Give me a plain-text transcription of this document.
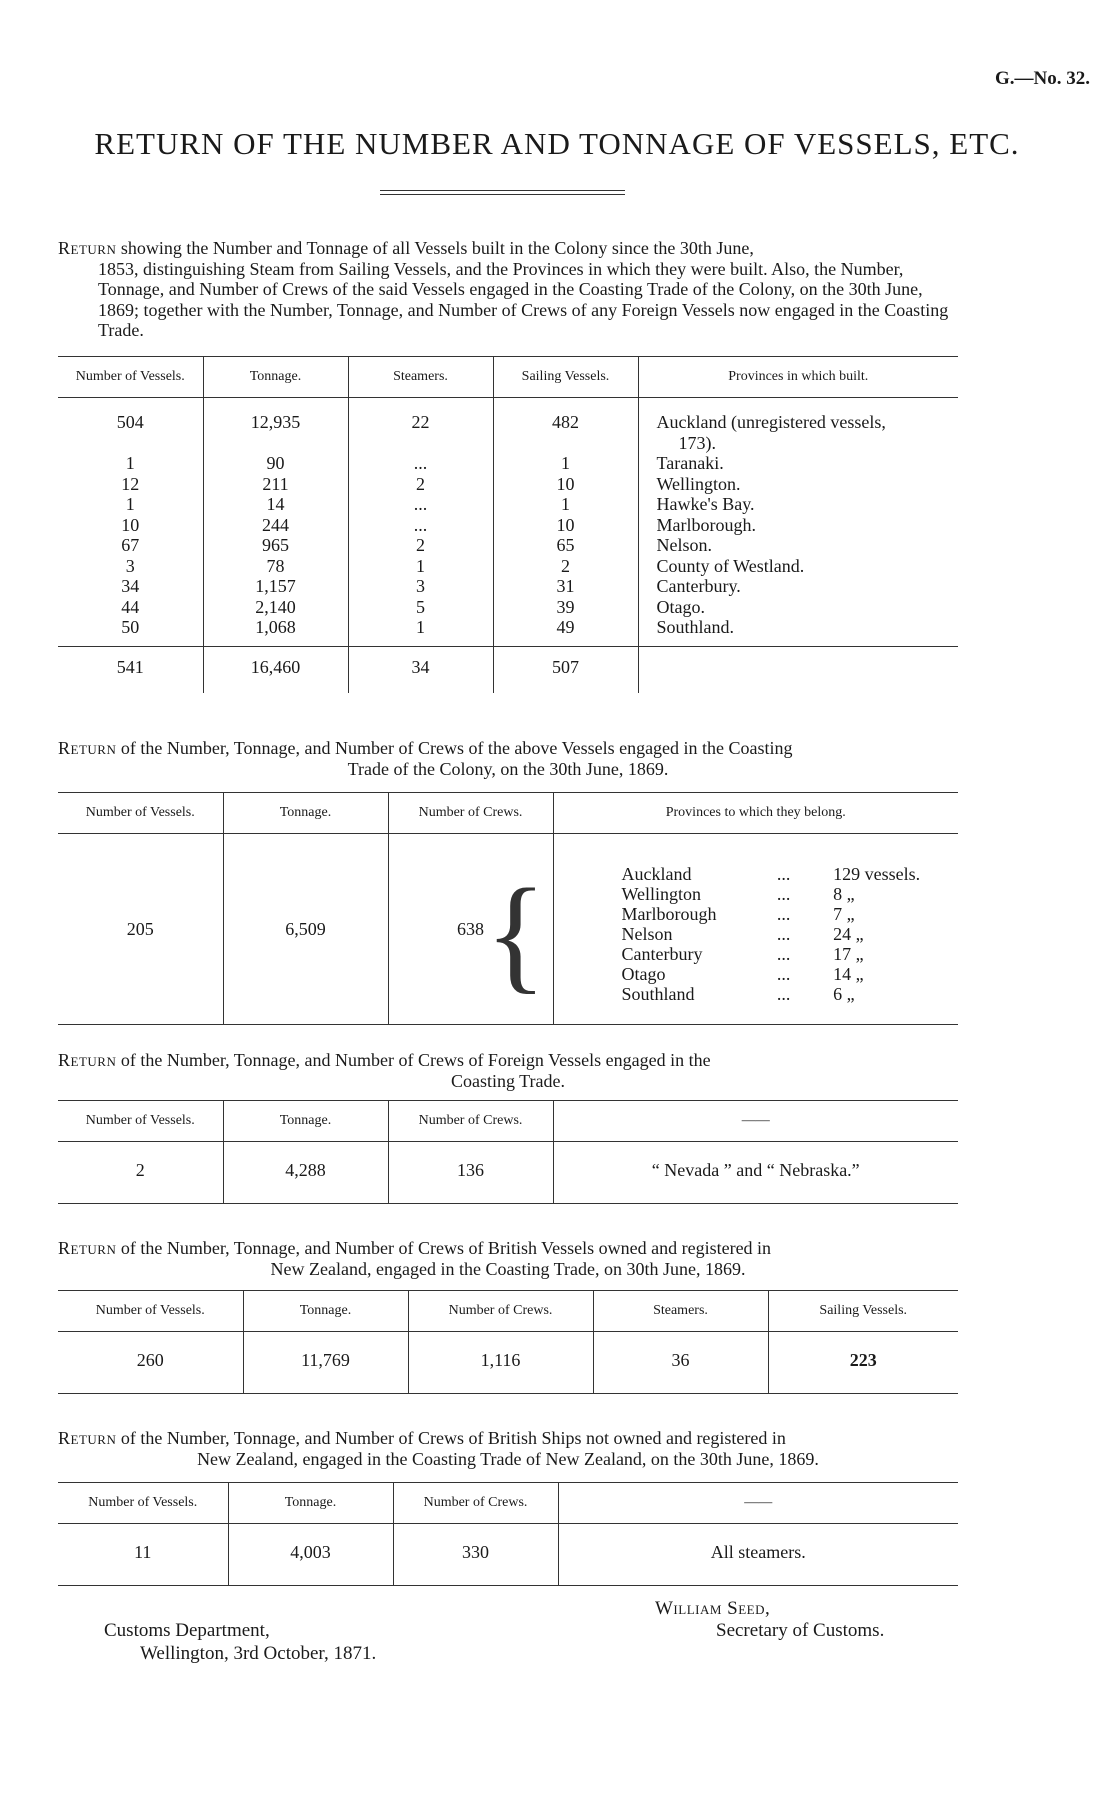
G.—No. 32.
RETURN OF THE NUMBER AND TONNAGE OF VESSELS, ETC.
Return showing the Number and Tonnage of all Vessels built in the Colony since the 30th June,
1853, distinguishing Steam from Sailing Vessels, and the Provinces in which they were built. Also, the Number, Tonnage, and Number of Crews of the said Vessels engaged in the Coasting Trade of the Colony, on the 30th June, 1869; together with the Number, Tonnage, and Number of Crews of any Foreign Vessels now engaged in the Coasting Trade.
Number of Vessels.	Tonnage.	Steamers.	Sailing Vessels.	Provinces in which built.

504	12,935	22	482	Auckland (unregistered vessels,
				173).
1	90	...	1	Taranaki.
12	211	2	10	Wellington.
1	14	...	1	Hawke's Bay.
10	244	...	10	Marlborough.
67	965	2	65	Nelson.
3	78	1	2	County of Westland.
34	1,157	3	31	Canterbury.
44	2,140	5	39	Otago.
50	1,068	1	49	Southland.

541	16,460	34	507	
Return of the Number, Tonnage, and Number of Crews of the above Vessels engaged in the Coasting
Trade of the Colony, on the 30th June, 1869.
Number of Vessels.	Tonnage.	Number of Crews.	Provinces to which they belong.
205	6,509	638 {
		Auckland	...	129 vessels.
Wellington	...	8 „
Marlborough	...	7 „
Nelson	...	24 „
Canterbury	...	17 „
Otago	...	14 „
Southland	...	6 „
Return of the Number, Tonnage, and Number of Crews of Foreign Vessels engaged in the
Coasting Trade.
Number of Vessels.	Tonnage.	Number of Crews.	——
2	4,288	136	“ Nevada ” and “ Nebraska.”
Return of the Number, Tonnage, and Number of Crews of British Vessels owned and registered in
New Zealand, engaged in the Coasting Trade, on 30th June, 1869.
Number of Vessels.	Tonnage.	Number of Crews.	Steamers.	Sailing Vessels.
260	11,769	1,116	36	223
Return of the Number, Tonnage, and Number of Crews of British Ships not owned and registered in
New Zealand, engaged in the Coasting Trade of New Zealand, on the 30th June, 1869.
Number of Vessels.	Tonnage.	Number of Crews.	——
11	4,003	330	All steamers.
Customs Department,
Wellington, 3rd October, 1871.
William Seed,
Secretary of Customs.
